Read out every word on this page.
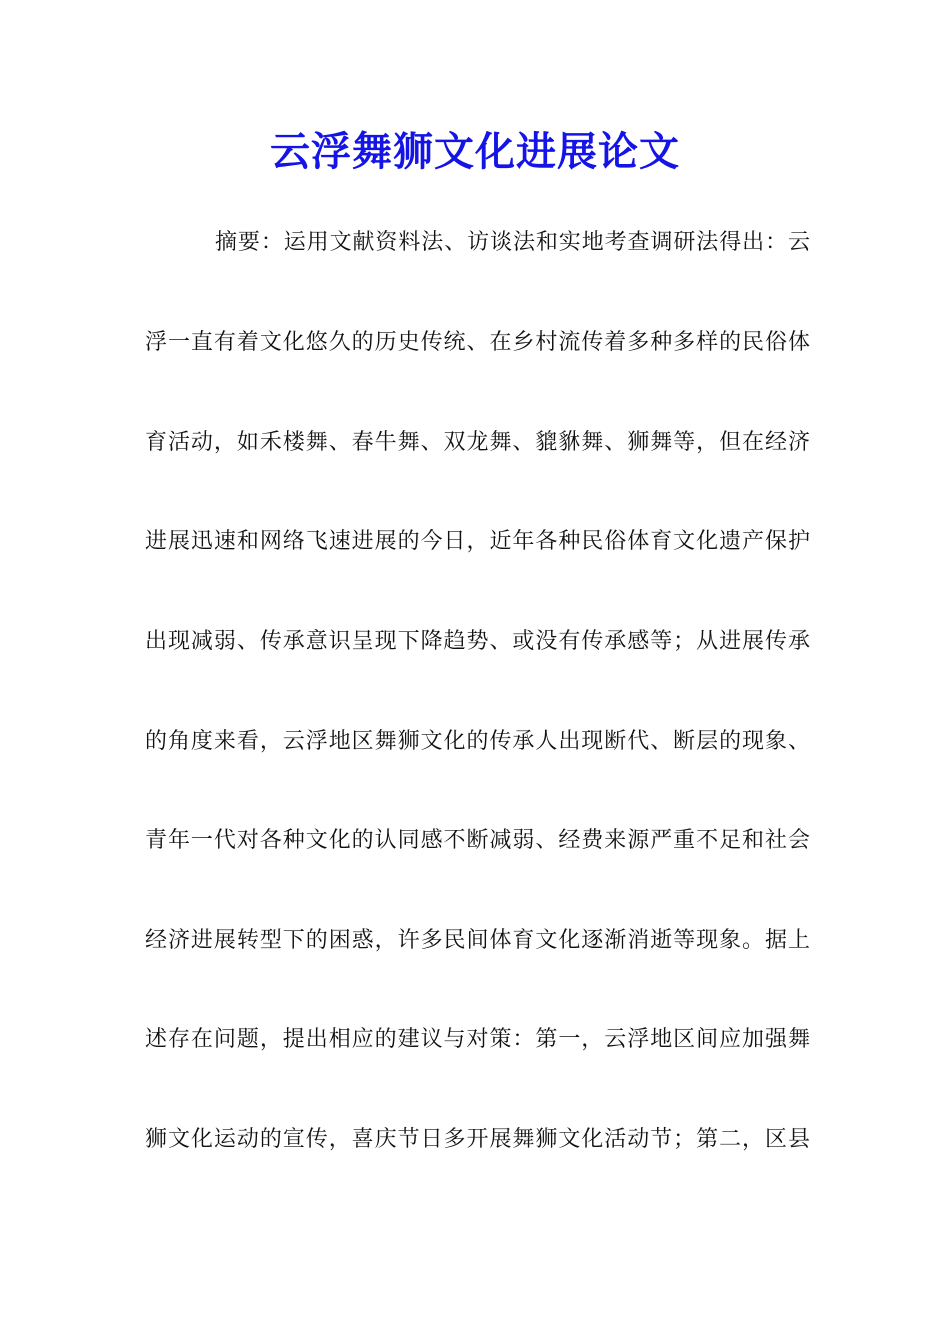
云浮舞狮文化进展论文
摘要：运用文献资料法、访谈法和实地考查调研法得出：云
浮一直有着文化悠久的历史传统、在乡村流传着多种多样的民俗体
育活动，如禾楼舞、春牛舞、双龙舞、貔貅舞、狮舞等，但在经济
进展迅速和网络飞速进展的今日，近年各种民俗体育文化遗产保护
出现减弱、传承意识呈现下降趋势、或没有传承感等；从进展传承
的角度来看，云浮地区舞狮文化的传承人出现断代、断层的现象、
青年一代对各种文化的认同感不断减弱、经费来源严重不足和社会
经济进展转型下的困惑，许多民间体育文化逐渐消逝等现象。据上
述存在问题，提出相应的建议与对策：第一，云浮地区间应加强舞
狮文化运动的宣传，喜庆节日多开展舞狮文化活动节；第二，区县
